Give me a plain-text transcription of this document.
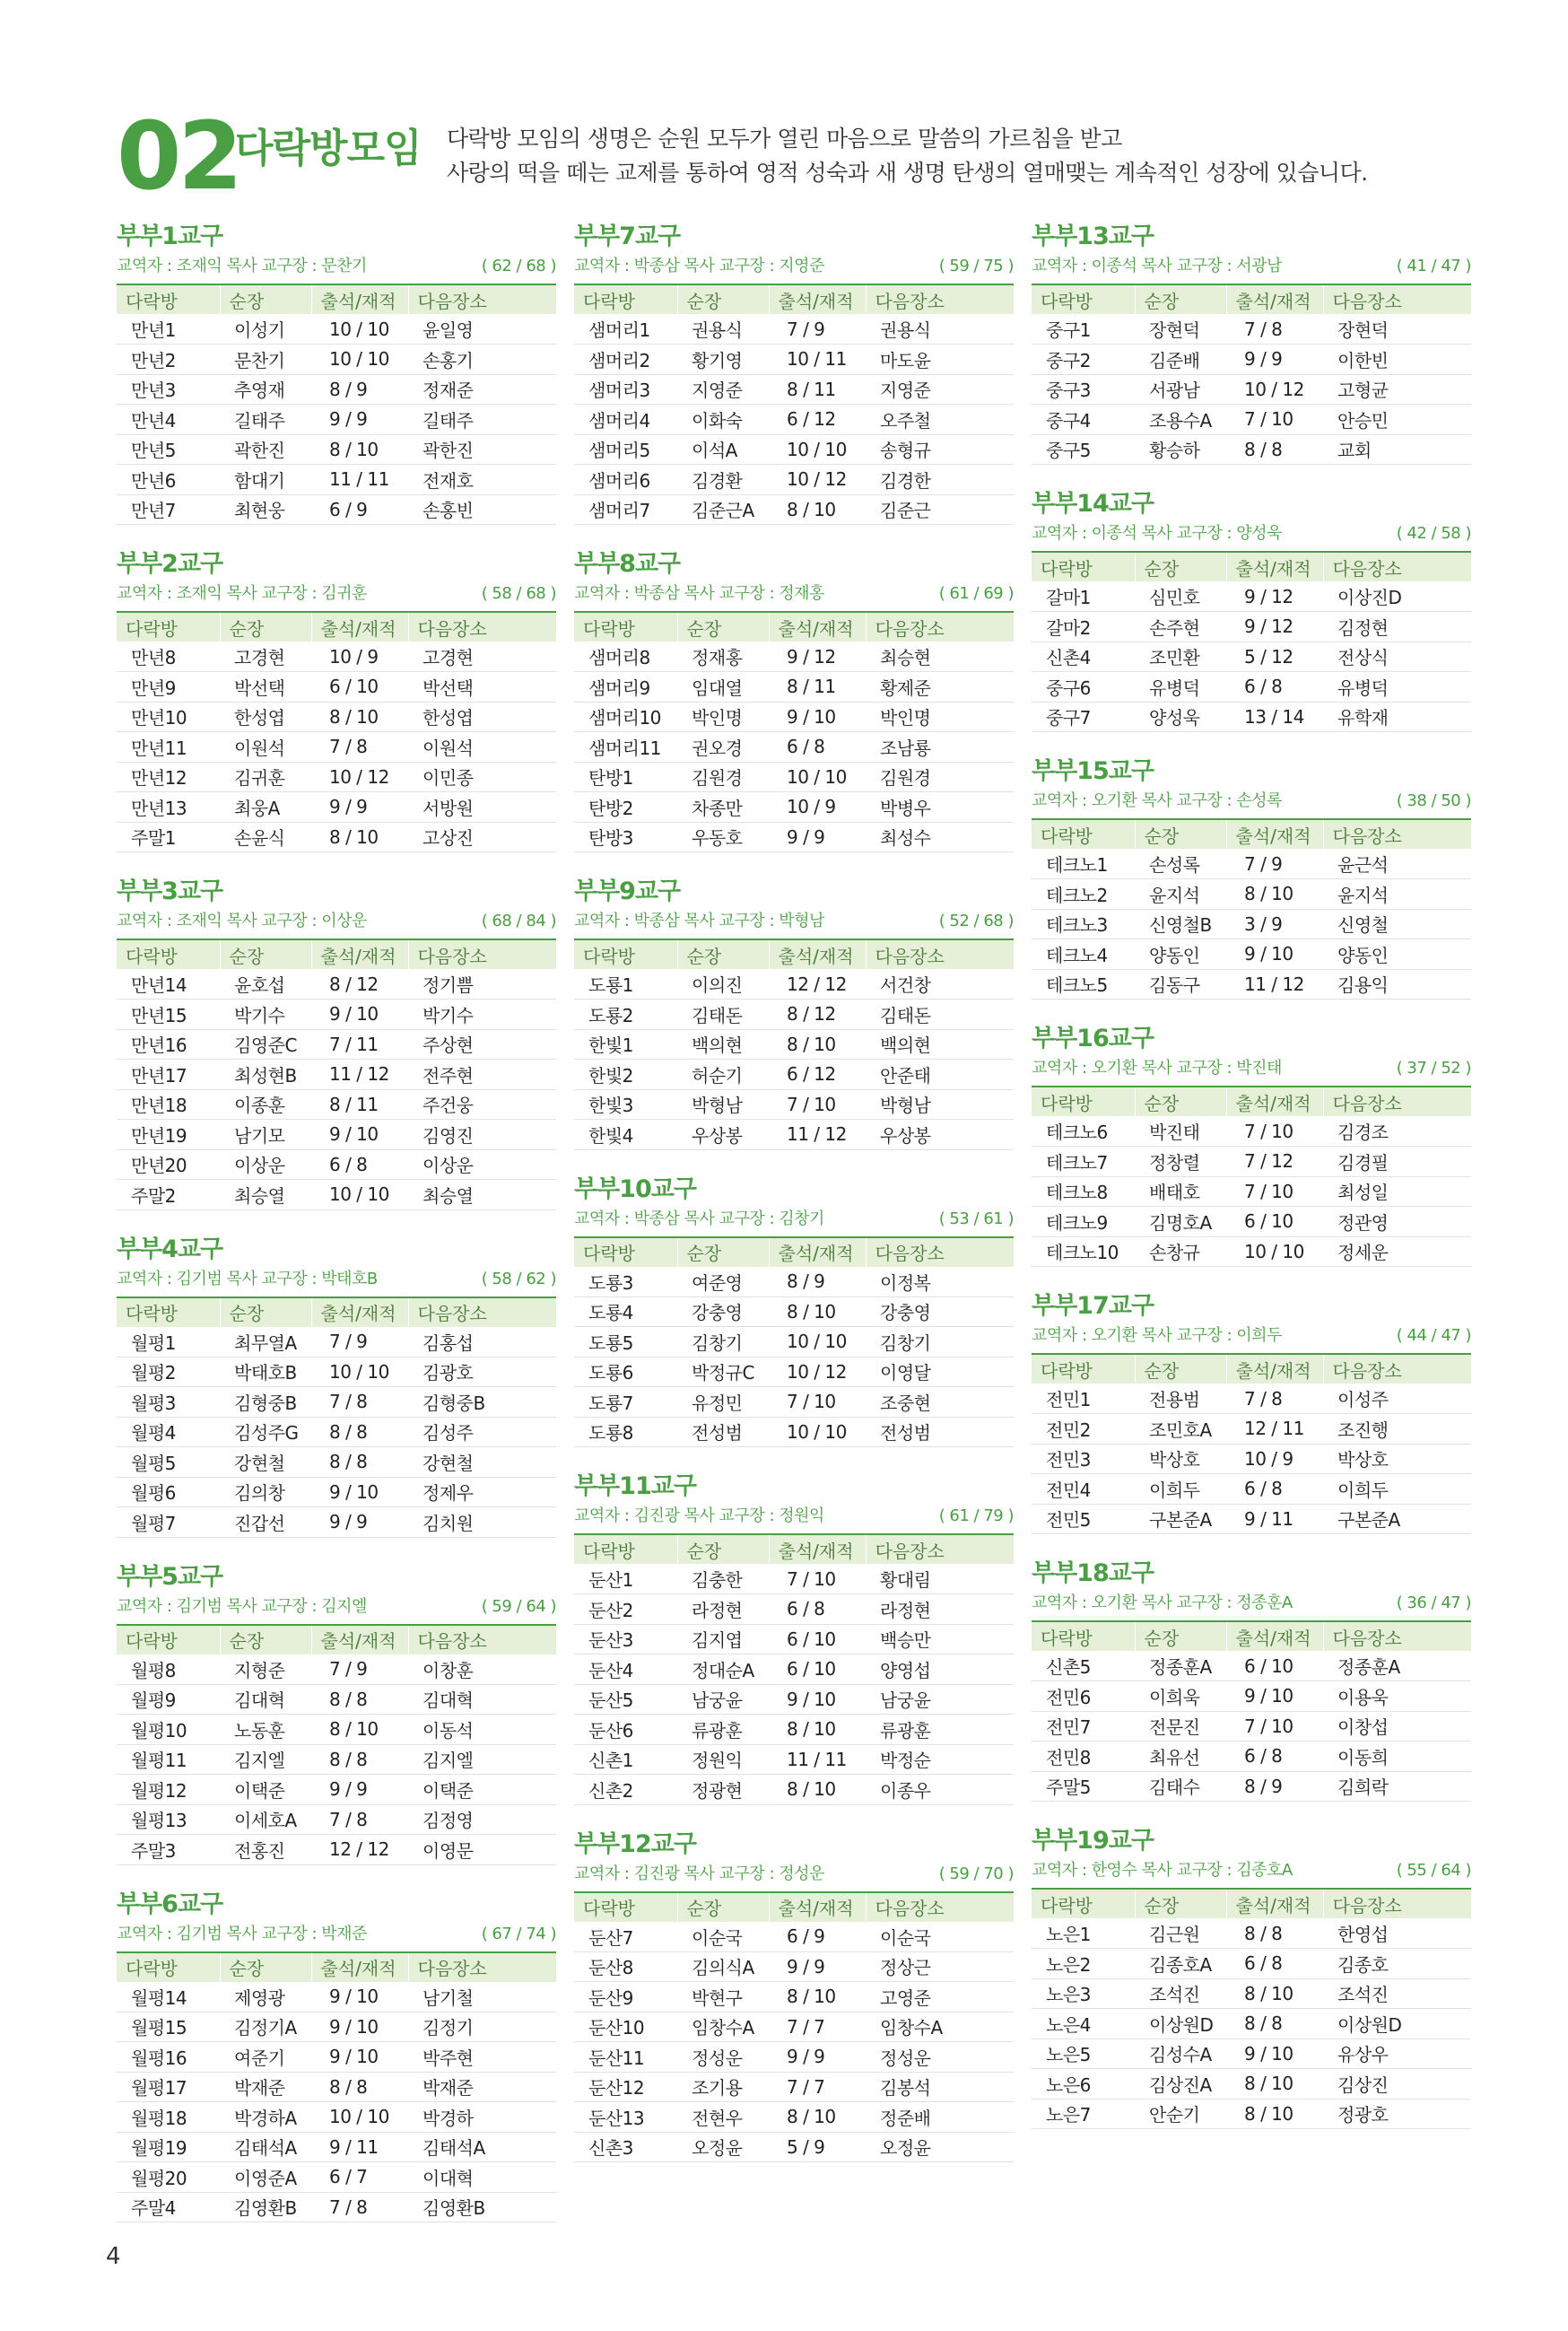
02
다락방모임 다락방 모임의 생명은 순원 모두가 열린 마음으로 말씀의 가르침을 받고
사랑의 떡을 떼는 교제를 통하여 영적 성숙과 새 생명 탄생의 열매맺는 계속적인 성장에 있습니다.
부부1교구
교역자 : 조재익 목사 교구장 : 문찬기	( 62 / 68 )
다락방	순장	출석/재적	다음장소
만년1	이성기	10 / 10	윤일영
만년2	문찬기	10 / 10	손홍기
만년3	추영재	8 / 9	정재준
만년4	길태주	9 / 9	길태주
만년5	곽한진	8 / 10	곽한진
만년6	함대기	11 / 11	전재호
만년7	최현웅	6 / 9	손홍빈
부부2교구
교역자 : 조재익 목사 교구장 : 김귀훈	( 58 / 68 )
다락방	순장	출석/재적	다음장소
만년8	고경현	10 / 9	고경현
만년9	박선택	6 / 10	박선택
만년10	한성엽	8 / 10	한성엽
만년11	이원석	7 / 8	이원석
만년12	김귀훈	10 / 12	이민종
만년13	최웅A	9 / 9	서방원
주말1	손윤식	8 / 10	고상진
부부3교구
교역자 : 조재익 목사 교구장 : 이상운	( 68 / 84 )
다락방	순장	출석/재적	다음장소
만년14	윤호섭	8 / 12	정기쁨
만년15	박기수	9 / 10	박기수
만년16	김영준C	7 / 11	주상현
만년17	최성현B	11 / 12	전주현
만년18	이종훈	8 / 11	주건웅
만년19	남기모	9 / 10	김영진
만년20	이상운	6 / 8	이상운
주말2	최승열	10 / 10	최승열
부부4교구
교역자 : 김기범 목사 교구장 : 박태호B	( 58 / 62 )
다락방	순장	출석/재적	다음장소
월평1	최무열A	7 / 9	김홍섭
월평2	박태호B	10 / 10	김광호
월평3	김형중B	7 / 8	김형중B
월평4	김성주G	8 / 8	김성주
월평5	강현철	8 / 8	강현철
월평6	김의창	9 / 10	정제우
월평7	진갑선	9 / 9	김치원
부부5교구
교역자 : 김기범 목사 교구장 : 김지엘	( 59 / 64 )
다락방	순장	출석/재적	다음장소
월평8	지형준	7 / 9	이창훈
월평9	김대혁	8 / 8	김대혁
월평10	노동훈	8 / 10	이동석
월평11	김지엘	8 / 8	김지엘
월평12	이택준	9 / 9	이택준
월평13	이세호A	7 / 8	김정영
주말3	전홍진	12 / 12	이영문
부부6교구
교역자 : 김기범 목사 교구장 : 박재준	( 67 / 74 )
다락방	순장	출석/재적	다음장소
월평14	제영광	9 / 10	남기철
월평15	김정기A	9 / 10	김정기
월평16	여준기	9 / 10	박주현
월평17	박재준	8 / 8	박재준
월평18	박경하A	10 / 10	박경하
월평19	김태석A	9 / 11	김태석A
월평20	이영준A	6 / 7	이대혁
주말4	김영환B	7 / 8	김영환B
부부7교구
교역자 : 박종삼 목사 교구장 : 지영준	( 59 / 75 )
다락방	순장	출석/재적	다음장소
샘머리1	권용식	7 / 9	권용식
샘머리2	황기영	10 / 11	마도윤
샘머리3	지영준	8 / 11	지영준
샘머리4	이화숙	6 / 12	오주철
샘머리5	이석A	10 / 10	송형규
샘머리6	김경환	10 / 12	김경한
샘머리7	김준근A	8 / 10	김준근
부부8교구
교역자 : 박종삼 목사 교구장 : 정재홍	( 61 / 69 )
다락방	순장	출석/재적	다음장소
샘머리8	정재홍	9 / 12	최승현
샘머리9	임대열	8 / 11	황제준
샘머리10	박인명	9 / 10	박인명
샘머리11	권오경	6 / 8	조남룡
탄방1	김원경	10 / 10	김원경
탄방2	차종만	10 / 9	박병우
탄방3	우동호	9 / 9	최성수
부부9교구
교역자 : 박종삼 목사 교구장 : 박형남	( 52 / 68 )
다락방	순장	출석/재적	다음장소
도룡1	이의진	12 / 12	서건창
도룡2	김태돈	8 / 12	김태돈
한빛1	백의현	8 / 10	백의현
한빛2	허순기	6 / 12	안준태
한빛3	박형남	7 / 10	박형남
한빛4	우상봉	11 / 12	우상봉
부부10교구
교역자 : 박종삼 목사 교구장 : 김창기	( 53 / 61 )
다락방	순장	출석/재적	다음장소
도룡3	여준영	8 / 9	이정복
도룡4	강충영	8 / 10	강충영
도룡5	김창기	10 / 10	김창기
도룡6	박정규C	10 / 12	이영달
도룡7	유정민	7 / 10	조중현
도룡8	전성범	10 / 10	전성범
부부11교구
교역자 : 김진광 목사 교구장 : 정원익	( 61 / 79 )
다락방	순장	출석/재적	다음장소
둔산1	김충한	7 / 10	황대림
둔산2	라정현	6 / 8	라정현
둔산3	김지엽	6 / 10	백승만
둔산4	정대순A	6 / 10	양영섭
둔산5	남궁윤	9 / 10	남궁윤
둔산6	류광훈	8 / 10	류광훈
신촌1	정원익	11 / 11	박정순
신촌2	정광현	8 / 10	이종우
부부12교구
교역자 : 김진광 목사 교구장 : 정성운	( 59 / 70 )
다락방	순장	출석/재적	다음장소
둔산7	이순국	6 / 9	이순국
둔산8	김의식A	9 / 9	정상근
둔산9	박현구	8 / 10	고영준
둔산10	임창수A	7 / 7	임창수A
둔산11	정성운	9 / 9	정성운
둔산12	조기용	7 / 7	김봉석
둔산13	전현우	8 / 10	정준배
신촌3	오정윤	5 / 9	오정윤
부부13교구
교역자 : 이종석 목사 교구장 : 서광남	( 41 / 47 )
다락방	순장	출석/재적	다음장소
중구1	장현덕	7 / 8	장현덕
중구2	김준배	9 / 9	이한빈
중구3	서광남	10 / 12	고형균
중구4	조용수A	7 / 10	안승민
중구5	황승하	8 / 8	교회
부부14교구
교역자 : 이종석 목사 교구장 : 양성욱	( 42 / 58 )
다락방	순장	출석/재적	다음장소
갈마1	심민호	9 / 12	이상진D
갈마2	손주현	9 / 12	김정현
신촌4	조민환	5 / 12	전상식
중구6	유병덕	6 / 8	유병덕
중구7	양성욱	13 / 14	유학재
부부15교구
교역자 : 오기환 목사 교구장 : 손성록	( 38 / 50 )
다락방	순장	출석/재적	다음장소
테크노1	손성록	7 / 9	윤근석
테크노2	윤지석	8 / 10	윤지석
테크노3	신영철B	3 / 9	신영철
테크노4	양동인	9 / 10	양동인
테크노5	김동구	11 / 12	김용익
부부16교구
교역자 : 오기환 목사 교구장 : 박진태	( 37 / 52 )
다락방	순장	출석/재적	다음장소
테크노6	박진태	7 / 10	김경조
테크노7	정창렬	7 / 12	김경필
테크노8	배태호	7 / 10	최성일
테크노9	김명호A	6 / 10	정관영
테크노10	손창규	10 / 10	정세운
부부17교구
교역자 : 오기환 목사 교구장 : 이희두	( 44 / 47 )
다락방	순장	출석/재적	다음장소
전민1	전용범	7 / 8	이성주
전민2	조민호A	12 / 11	조진행
전민3	박상호	10 / 9	박상호
전민4	이희두	6 / 8	이희두
전민5	구본준A	9 / 11	구본준A
부부18교구
교역자 : 오기환 목사 교구장 : 정종훈A	( 36 / 47 )
다락방	순장	출석/재적	다음장소
신촌5	정종훈A	6 / 10	정종훈A
전민6	이희욱	9 / 10	이용욱
전민7	전문진	7 / 10	이창섭
전민8	최유선	6 / 8	이동희
주말5	김태수	8 / 9	김희락
부부19교구
교역자 : 한영수 목사 교구장 : 김종호A	( 55 / 64 )
다락방	순장	출석/재적	다음장소
노은1	김근원	8 / 8	한영섭
노은2	김종호A	6 / 8	김종호
노은3	조석진	8 / 10	조석진
노은4	이상원D	8 / 8	이상원D
노은5	김성수A	9 / 10	유상우
노은6	김상진A	8 / 10	김상진
노은7	안순기	8 / 10	정광호
4
